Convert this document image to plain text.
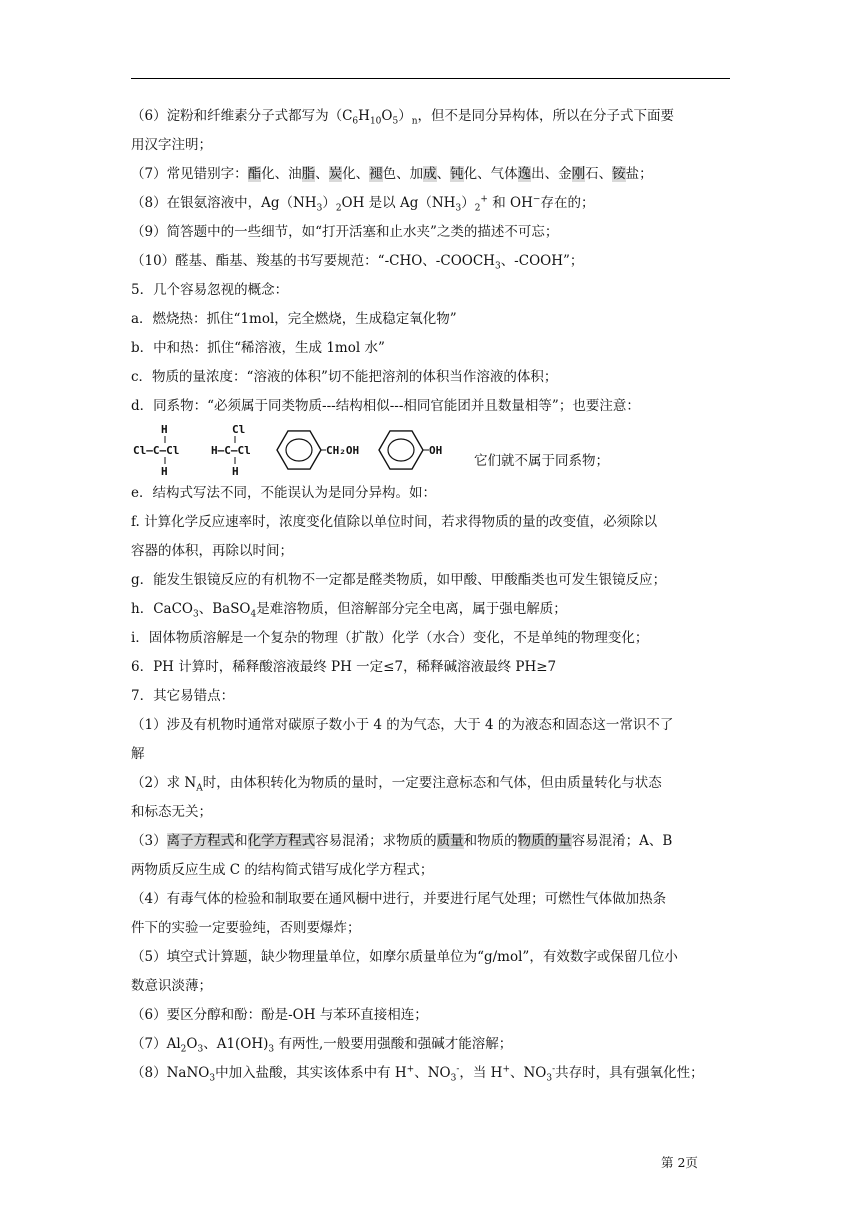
（6）淀粉和纤维素分子式都写为$(C_6H_{10}O_5)_n$，但不是同分异构体，所以在分子式下面要
用汉字注明；
（7）常见错别字：酯化、油脂、炭化、褪色、加成、钝化、气体逸出、金刚石、铵盐；
（8）在银氨溶液中，$Ag(NH_3)_2OH$ 是以 $Ag(NH_3)_2^+$ 和 OH−存在的；
（9）简答题中的一些细节，如“打开活塞和止水夹”之类的描述不可忘；
（10）醛基、酯基、羧基的书写要规范：“-CHO、$-COOCH_3$、-COOH”；
5．几个容易忽视的概念：
a．燃烧热：抓住“1mol，完全燃烧，生成稳定氧化物”
b．中和热：抓住“稀溶液，生成 1mol 水”
c．物质的量浓度：“溶液的体积”切不能把溶剂的体积当作溶液的体积；
d．同系物：“必须属于同类物质---结构相似---相同官能团并且数量相等”；也要注意：
H
Cl—C—Cl
H
Cl
H—C—Cl
H
CH₂OH	OH
它们就不属于同系物；
e．结构式写法不同，不能误认为是同分异构。如：
f. 计算化学反应速率时，浓度变化值除以单位时间，若求得物质的量的改变值，必须除以
容器的体积，再除以时间；
g．能发生银镜反应的有机物不一定都是醛类物质，如甲酸、甲酸酯类也可发生银镜反应；
h．CaCO$_3$、BaSO$_4$是难溶物质，但溶解部分完全电离，属于强电解质；
i．固体物质溶解是一个复杂的物理（扩散）化学（水合）变化，不是单纯的物理变化；
6．PH 计算时，稀释酸溶液最终 PH 一定≤7，稀释碱溶液最终 PH≥7
7．其它易错点：
（1）涉及有机物时通常对碳原子数小于 4 的为气态，大于 4 的为液态和固态这一常识不了
解
（2）求 $N_A$时，由体积转化为物质的量时，一定要注意标态和气体，但由质量转化与状态
和标态无关；
（3）离子方程式和化学方程式容易混淆；求物质的质量和物质的物质的量容易混淆；A、B
两物质反应生成 C 的结构简式错写成化学方程式；
（4）有毒气体的检验和制取要在通风橱中进行，并要进行尾气处理；可燃性气体做加热条
件下的实验一定要验纯，否则要爆炸；
（5）填空式计算题，缺少物理量单位，如摩尔质量单位为“g/mol”，有效数字或保留几位小
数意识淡薄；
（6）要区分醇和酚：酚是-OH 与苯环直接相连；
$(7)Al_2O_3$、$A1(OH)_3$ 有两性,一般要用强酸和强碱才能溶解；
（8）NaNO$_3$中加入盐酸，其实该体系中有 H+、$NO_3^-$，当 H+、$NO_3^-$共存时，具有强氧化性；
第 2页
